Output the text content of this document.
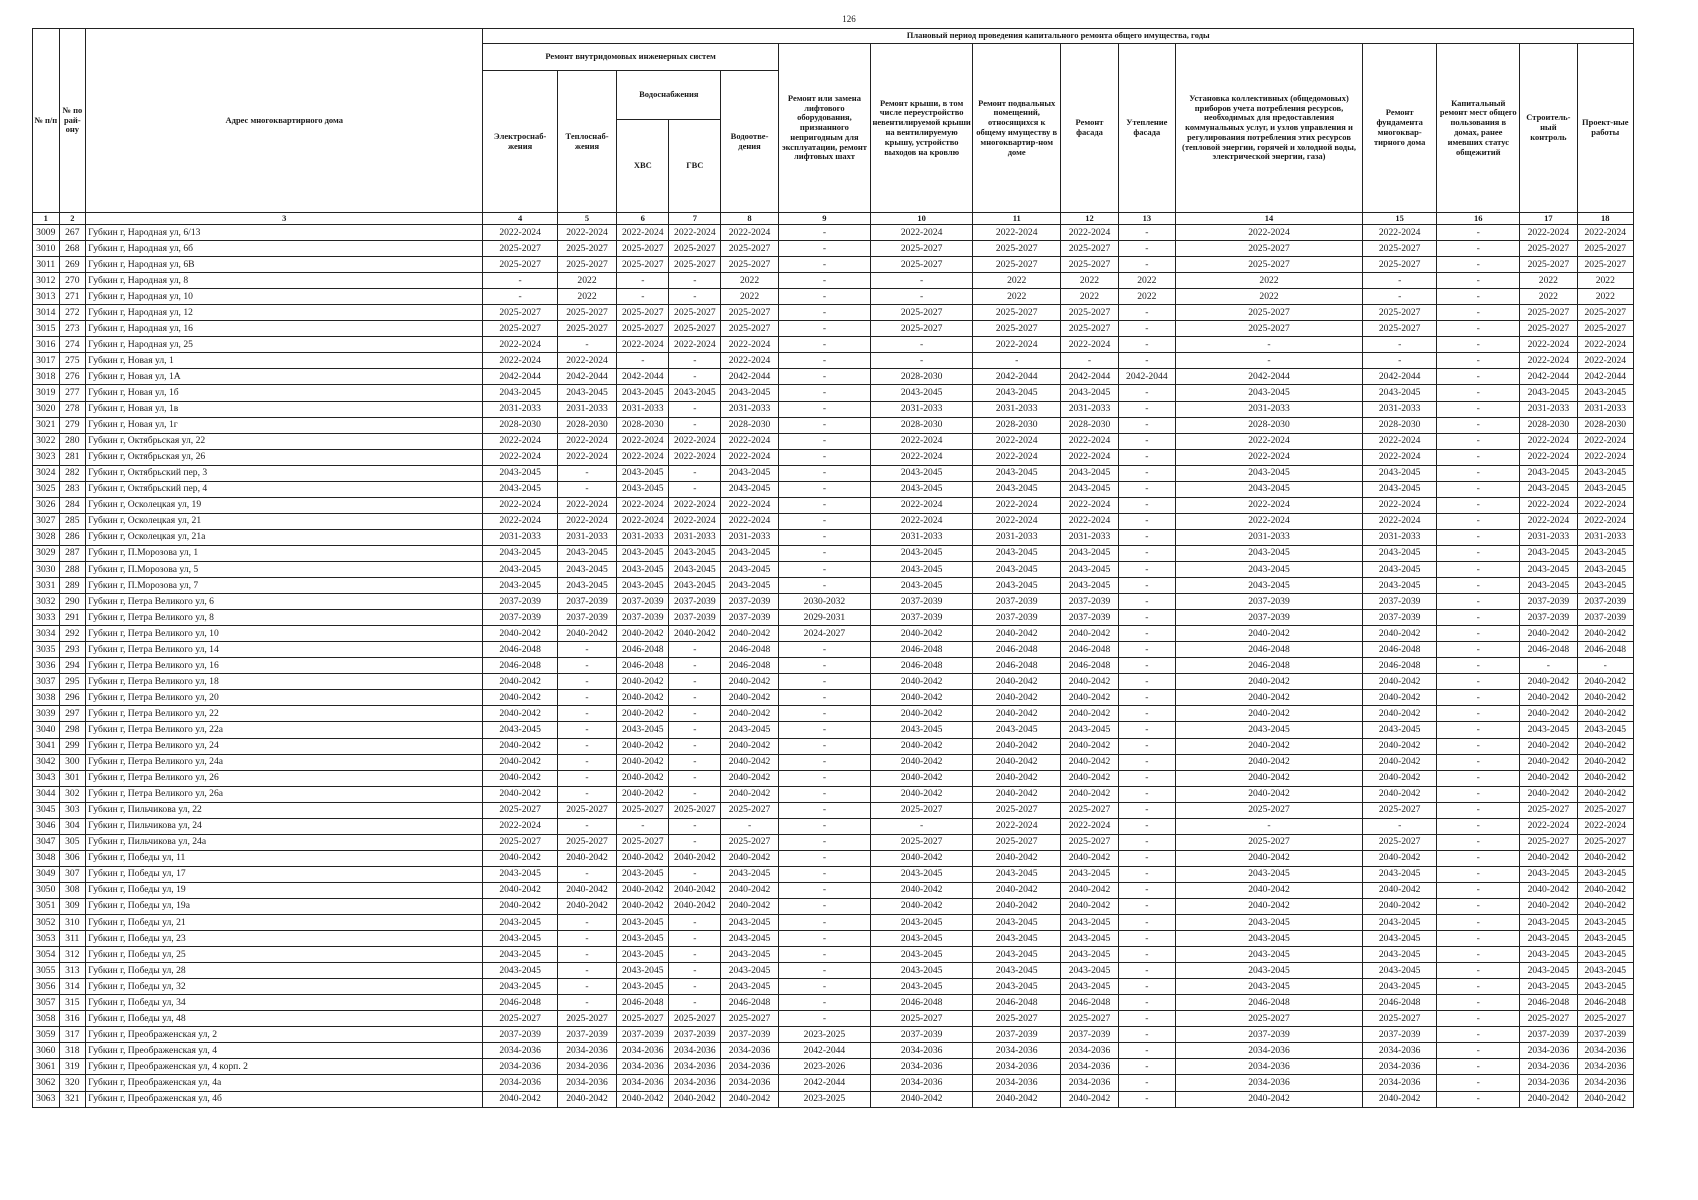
126
№ п/п	№ по рай-ону	Адрес многоквартирного дома	Плановый период проведения капитального ремонта общего имущества, годы														
			Ремонт внутридомовых инженерных систем					Ремонт или замена лифтового оборудования, признанного непригодным для эксплуатации, ремонт лифтовых шахт	Ремонт крыши, в том числе переустройство невентилируемой крыши на вентилируемую крышу, устройство выходов на кровлю	Ремонт подвальных помещений, относящихся к общему имуществу в многоквартир-ном доме	Ремонт фасада	Утепление фасада	Установка коллективных (общедомовых) приборов учета потребления ресурсов, необходимых для предоставления коммунальных услуг, и узлов управления и регулирования потребления этих ресурсов (тепловой энергии, горячей и холодной воды, электрической энергии, газа)	Ремонт фундамента многоквар-тирного дома	Капитальный ремонт мест общего пользования в домах, ранее имевших статус общежитий	Строитель-ный контроль	Проект-ные работы
			Электроснаб-жения	Теплоснаб-жения	Водоснабжения		Водоотве-дения										
					ХВС	ГВС											
1	2	3	4	5	6	7	8	9	10	11	12	13	14	15	16	17	18
3009	267	Губкин г, Народная ул, 6/13	2022-2024	2022-2024	2022-2024	2022-2024	2022-2024	-	2022-2024	2022-2024	2022-2024	-	2022-2024	2022-2024	-	2022-2024	2022-2024
3010	268	Губкин г, Народная ул, 6б	2025-2027	2025-2027	2025-2027	2025-2027	2025-2027	-	2025-2027	2025-2027	2025-2027	-	2025-2027	2025-2027	-	2025-2027	2025-2027
3011	269	Губкин г, Народная ул, 6В	2025-2027	2025-2027	2025-2027	2025-2027	2025-2027	-	2025-2027	2025-2027	2025-2027	-	2025-2027	2025-2027	-	2025-2027	2025-2027
3012	270	Губкин г, Народная ул, 8	-	2022	-	-	2022	-	-	2022	2022	2022	2022	-	-	2022	2022
3013	271	Губкин г, Народная ул, 10	-	2022	-	-	2022	-	-	2022	2022	2022	2022	-	-	2022	2022
3014	272	Губкин г, Народная ул, 12	2025-2027	2025-2027	2025-2027	2025-2027	2025-2027	-	2025-2027	2025-2027	2025-2027	-	2025-2027	2025-2027	-	2025-2027	2025-2027
3015	273	Губкин г, Народная ул, 16	2025-2027	2025-2027	2025-2027	2025-2027	2025-2027	-	2025-2027	2025-2027	2025-2027	-	2025-2027	2025-2027	-	2025-2027	2025-2027
3016	274	Губкин г, Народная ул, 25	2022-2024	-	2022-2024	2022-2024	2022-2024	-	-	2022-2024	2022-2024	-	-	-	-	2022-2024	2022-2024
3017	275	Губкин г, Новая ул, 1	2022-2024	2022-2024	-	-	2022-2024	-	-	-	-	-	-	-	-	2022-2024	2022-2024
3018	276	Губкин г, Новая ул, 1А	2042-2044	2042-2044	2042-2044	-	2042-2044	-	2028-2030	2042-2044	2042-2044	2042-2044	2042-2044	2042-2044	-	2042-2044	2042-2044
3019	277	Губкин г, Новая ул, 1б	2043-2045	2043-2045	2043-2045	2043-2045	2043-2045	-	2043-2045	2043-2045	2043-2045	-	2043-2045	2043-2045	-	2043-2045	2043-2045
3020	278	Губкин г, Новая ул, 1в	2031-2033	2031-2033	2031-2033	-	2031-2033	-	2031-2033	2031-2033	2031-2033	-	2031-2033	2031-2033	-	2031-2033	2031-2033
3021	279	Губкин г, Новая ул, 1г	2028-2030	2028-2030	2028-2030	-	2028-2030	-	2028-2030	2028-2030	2028-2030	-	2028-2030	2028-2030	-	2028-2030	2028-2030
3022	280	Губкин г, Октябрьская ул, 22	2022-2024	2022-2024	2022-2024	2022-2024	2022-2024	-	2022-2024	2022-2024	2022-2024	-	2022-2024	2022-2024	-	2022-2024	2022-2024
3023	281	Губкин г, Октябрьская ул, 26	2022-2024	2022-2024	2022-2024	2022-2024	2022-2024	-	2022-2024	2022-2024	2022-2024	-	2022-2024	2022-2024	-	2022-2024	2022-2024
3024	282	Губкин г, Октябрьский пер, 3	2043-2045	-	2043-2045	-	2043-2045	-	2043-2045	2043-2045	2043-2045	-	2043-2045	2043-2045	-	2043-2045	2043-2045
3025	283	Губкин г, Октябрьский пер, 4	2043-2045	-	2043-2045	-	2043-2045	-	2043-2045	2043-2045	2043-2045	-	2043-2045	2043-2045	-	2043-2045	2043-2045
3026	284	Губкин г, Осколецкая ул, 19	2022-2024	2022-2024	2022-2024	2022-2024	2022-2024	-	2022-2024	2022-2024	2022-2024	-	2022-2024	2022-2024	-	2022-2024	2022-2024
3027	285	Губкин г, Осколецкая ул, 21	2022-2024	2022-2024	2022-2024	2022-2024	2022-2024	-	2022-2024	2022-2024	2022-2024	-	2022-2024	2022-2024	-	2022-2024	2022-2024
3028	286	Губкин г, Осколецкая ул, 21а	2031-2033	2031-2033	2031-2033	2031-2033	2031-2033	-	2031-2033	2031-2033	2031-2033	-	2031-2033	2031-2033	-	2031-2033	2031-2033
3029	287	Губкин г, П.Морозова ул, 1	2043-2045	2043-2045	2043-2045	2043-2045	2043-2045	-	2043-2045	2043-2045	2043-2045	-	2043-2045	2043-2045	-	2043-2045	2043-2045
3030	288	Губкин г, П.Морозова ул, 5	2043-2045	2043-2045	2043-2045	2043-2045	2043-2045	-	2043-2045	2043-2045	2043-2045	-	2043-2045	2043-2045	-	2043-2045	2043-2045
3031	289	Губкин г, П.Морозова ул, 7	2043-2045	2043-2045	2043-2045	2043-2045	2043-2045	-	2043-2045	2043-2045	2043-2045	-	2043-2045	2043-2045	-	2043-2045	2043-2045
3032	290	Губкин г, Петра Великого ул, 6	2037-2039	2037-2039	2037-2039	2037-2039	2037-2039	2030-2032	2037-2039	2037-2039	2037-2039	-	2037-2039	2037-2039	-	2037-2039	2037-2039
3033	291	Губкин г, Петра Великого ул, 8	2037-2039	2037-2039	2037-2039	2037-2039	2037-2039	2029-2031	2037-2039	2037-2039	2037-2039	-	2037-2039	2037-2039	-	2037-2039	2037-2039
3034	292	Губкин г, Петра Великого ул, 10	2040-2042	2040-2042	2040-2042	2040-2042	2040-2042	2024-2027	2040-2042	2040-2042	2040-2042	-	2040-2042	2040-2042	-	2040-2042	2040-2042
3035	293	Губкин г, Петра Великого ул, 14	2046-2048	-	2046-2048	-	2046-2048	-	2046-2048	2046-2048	2046-2048	-	2046-2048	2046-2048	-	2046-2048	2046-2048
3036	294	Губкин г, Петра Великого ул, 16	2046-2048	-	2046-2048	-	2046-2048	-	2046-2048	2046-2048	2046-2048	-	2046-2048	2046-2048	-	-	-
3037	295	Губкин г, Петра Великого ул, 18	2040-2042	-	2040-2042	-	2040-2042	-	2040-2042	2040-2042	2040-2042	-	2040-2042	2040-2042	-	2040-2042	2040-2042
3038	296	Губкин г, Петра Великого ул, 20	2040-2042	-	2040-2042	-	2040-2042	-	2040-2042	2040-2042	2040-2042	-	2040-2042	2040-2042	-	2040-2042	2040-2042
3039	297	Губкин г, Петра Великого ул, 22	2040-2042	-	2040-2042	-	2040-2042	-	2040-2042	2040-2042	2040-2042	-	2040-2042	2040-2042	-	2040-2042	2040-2042
3040	298	Губкин г, Петра Великого ул, 22а	2043-2045	-	2043-2045	-	2043-2045	-	2043-2045	2043-2045	2043-2045	-	2043-2045	2043-2045	-	2043-2045	2043-2045
3041	299	Губкин г, Петра Великого ул, 24	2040-2042	-	2040-2042	-	2040-2042	-	2040-2042	2040-2042	2040-2042	-	2040-2042	2040-2042	-	2040-2042	2040-2042
3042	300	Губкин г, Петра Великого ул, 24а	2040-2042	-	2040-2042	-	2040-2042	-	2040-2042	2040-2042	2040-2042	-	2040-2042	2040-2042	-	2040-2042	2040-2042
3043	301	Губкин г, Петра Великого ул, 26	2040-2042	-	2040-2042	-	2040-2042	-	2040-2042	2040-2042	2040-2042	-	2040-2042	2040-2042	-	2040-2042	2040-2042
3044	302	Губкин г, Петра Великого ул, 26а	2040-2042	-	2040-2042	-	2040-2042	-	2040-2042	2040-2042	2040-2042	-	2040-2042	2040-2042	-	2040-2042	2040-2042
3045	303	Губкин г, Пильчикова ул, 22	2025-2027	2025-2027	2025-2027	2025-2027	2025-2027	-	2025-2027	2025-2027	2025-2027	-	2025-2027	2025-2027	-	2025-2027	2025-2027
3046	304	Губкин г, Пильчикова ул, 24	2022-2024	-	-	-	-	-	-	2022-2024	2022-2024	-	-	-	-	2022-2024	2022-2024
3047	305	Губкин г, Пильчикова ул, 24а	2025-2027	2025-2027	2025-2027	-	2025-2027	-	2025-2027	2025-2027	2025-2027	-	2025-2027	2025-2027	-	2025-2027	2025-2027
3048	306	Губкин г, Победы ул, 11	2040-2042	2040-2042	2040-2042	2040-2042	2040-2042	-	2040-2042	2040-2042	2040-2042	-	2040-2042	2040-2042	-	2040-2042	2040-2042
3049	307	Губкин г, Победы ул, 17	2043-2045	-	2043-2045	-	2043-2045	-	2043-2045	2043-2045	2043-2045	-	2043-2045	2043-2045	-	2043-2045	2043-2045
3050	308	Губкин г, Победы ул, 19	2040-2042	2040-2042	2040-2042	2040-2042	2040-2042	-	2040-2042	2040-2042	2040-2042	-	2040-2042	2040-2042	-	2040-2042	2040-2042
3051	309	Губкин г, Победы ул, 19а	2040-2042	2040-2042	2040-2042	2040-2042	2040-2042	-	2040-2042	2040-2042	2040-2042	-	2040-2042	2040-2042	-	2040-2042	2040-2042
3052	310	Губкин г, Победы ул, 21	2043-2045	-	2043-2045	-	2043-2045	-	2043-2045	2043-2045	2043-2045	-	2043-2045	2043-2045	-	2043-2045	2043-2045
3053	311	Губкин г, Победы ул, 23	2043-2045	-	2043-2045	-	2043-2045	-	2043-2045	2043-2045	2043-2045	-	2043-2045	2043-2045	-	2043-2045	2043-2045
3054	312	Губкин г, Победы ул, 25	2043-2045	-	2043-2045	-	2043-2045	-	2043-2045	2043-2045	2043-2045	-	2043-2045	2043-2045	-	2043-2045	2043-2045
3055	313	Губкин г, Победы ул, 28	2043-2045	-	2043-2045	-	2043-2045	-	2043-2045	2043-2045	2043-2045	-	2043-2045	2043-2045	-	2043-2045	2043-2045
3056	314	Губкин г, Победы ул, 32	2043-2045	-	2043-2045	-	2043-2045	-	2043-2045	2043-2045	2043-2045	-	2043-2045	2043-2045	-	2043-2045	2043-2045
3057	315	Губкин г, Победы ул, 34	2046-2048	-	2046-2048	-	2046-2048	-	2046-2048	2046-2048	2046-2048	-	2046-2048	2046-2048	-	2046-2048	2046-2048
3058	316	Губкин г, Победы ул, 48	2025-2027	2025-2027	2025-2027	2025-2027	2025-2027	-	2025-2027	2025-2027	2025-2027	-	2025-2027	2025-2027	-	2025-2027	2025-2027
3059	317	Губкин г, Преображенская ул, 2	2037-2039	2037-2039	2037-2039	2037-2039	2037-2039	2023-2025	2037-2039	2037-2039	2037-2039	-	2037-2039	2037-2039	-	2037-2039	2037-2039
3060	318	Губкин г, Преображенская ул, 4	2034-2036	2034-2036	2034-2036	2034-2036	2034-2036	2042-2044	2034-2036	2034-2036	2034-2036	-	2034-2036	2034-2036	-	2034-2036	2034-2036
3061	319	Губкин г, Преображенская ул, 4 корп. 2	2034-2036	2034-2036	2034-2036	2034-2036	2034-2036	2023-2026	2034-2036	2034-2036	2034-2036	-	2034-2036	2034-2036	-	2034-2036	2034-2036
3062	320	Губкин г, Преображенская ул, 4а	2034-2036	2034-2036	2034-2036	2034-2036	2034-2036	2042-2044	2034-2036	2034-2036	2034-2036	-	2034-2036	2034-2036	-	2034-2036	2034-2036
3063	321	Губкин г, Преображенская ул, 4б	2040-2042	2040-2042	2040-2042	2040-2042	2040-2042	2023-2025	2040-2042	2040-2042	2040-2042	-	2040-2042	2040-2042	-	2040-2042	2040-2042
